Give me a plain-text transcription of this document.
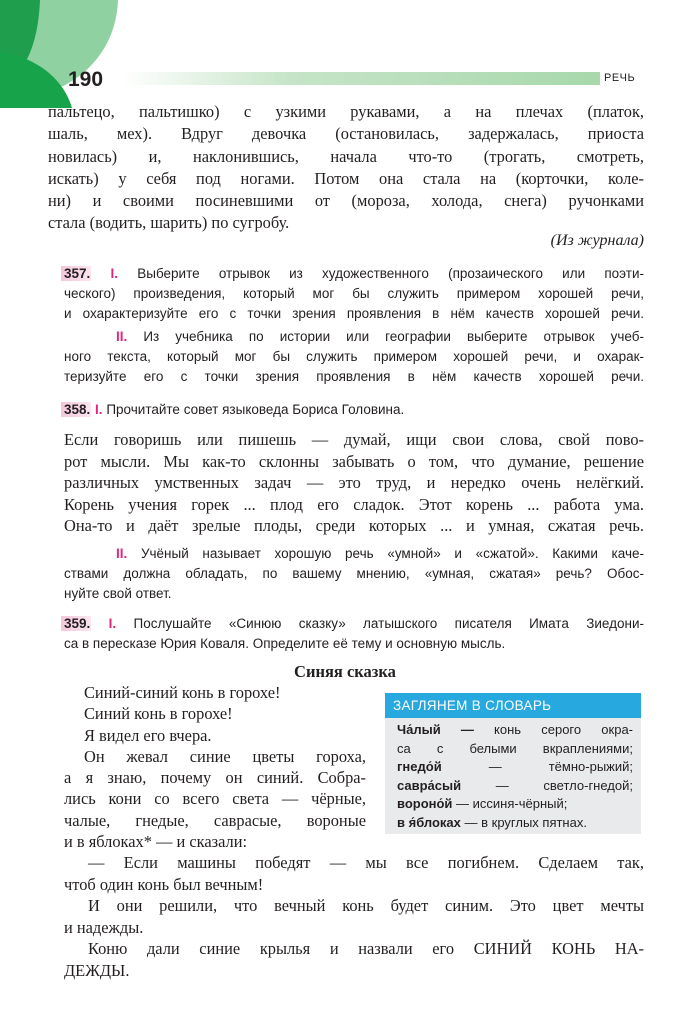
190	РЕЧЬ
пальтецо, пальтишко) с узкими рукавами, а на плечах (платок,
шаль, мех). Вдруг девочка (остановилась, задержалась, приоста
новилась) и, наклонившись, начала что-то (трогать, смотреть,
искать) у себя под ногами. Потом она стала на (корточки, коле-
ни) и своими посиневшими от (мороза, холода, снега) ручонками
стала (водить, шарить) по сугробу.
(Из журнала)
357. I. Выберите отрывок из художественного (прозаического или поэти-
ческого) произведения, который мог бы служить примером хорошей речи,
и охарактеризуйте его с точки зрения проявления в нём качеств хорошей речи.
II. Из учебника по истории или географии выберите отрывок учеб-
ного текста, который мог бы служить примером хорошей речи, и охарак-
теризуйте его с точки зрения проявления в нём качеств хорошей речи.
358. I. Прочитайте совет языковеда Бориса Головина.
Если говоришь или пишешь — думай, ищи свои слова, свой пово-
рот мысли. Мы как-то склонны забывать о том, что думание, решение
различных умственных задач — это труд, и нередко очень нелёгкий.
Корень учения горек ... плод его сладок. Этот корень ... работа ума.
Она-то и даёт зрелые плоды, среди которых ... и умная, сжатая речь.
II. Учёный называет хорошую речь «умной» и «сжатой». Какими каче-
ствами должна обладать, по вашему мнению, «умная, сжатая» речь? Обос-
нуйте свой ответ.
359. I. Послушайте «Синюю сказку» латышского писателя Имата Зиедони-
са в пересказе Юрия Коваля. Определите её тему и основную мысль.
Синяя сказка
Синий-синий конь в горохе!
Синий конь в горохе!
Я видел его вчера.
Он жевал синие цветы гороха,
а я знаю, почему он синий. Собра-
лись кони со всего света — чёрные,
чалые, гнедые, саврасые, вороные
и в яблоках* — и сказали:
ЗАГЛЯНЕМ В СЛОВАРЬ
Ча́лый — конь серого окра-
са с белыми вкраплениями;
гнедо́й — тёмно-рыжий;
савра́сый — светло-гнедой;
вороно́й — иссиня-чёрный;
в я́блоках — в круглых пятнах.
— Если машины победят — мы все погибнем. Сделаем так,
чтоб один конь был вечным!
И они решили, что вечный конь будет синим. Это цвет мечты
и надежды.
Коню дали синие крылья и назвали его СИНИЙ КОНЬ НА-
ДЕЖДЫ.
